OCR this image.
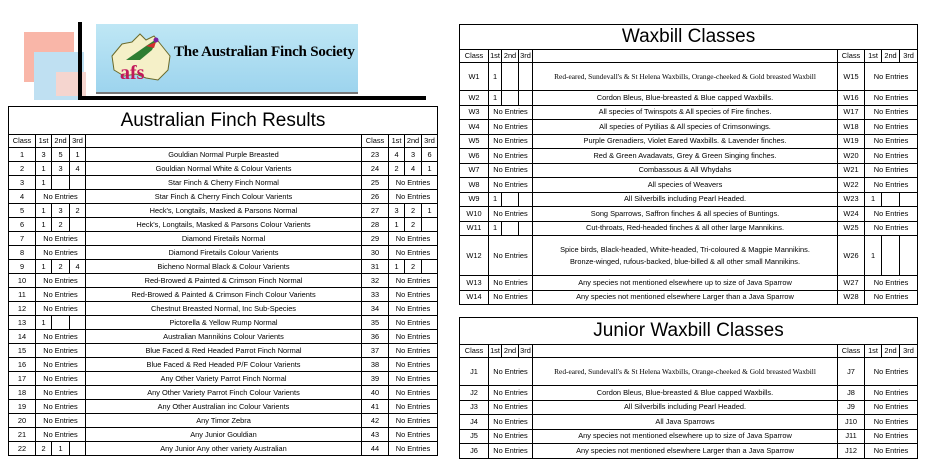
afs
The Australian Finch Society
Australian Finch Results								
Class	1st	2nd	3rd		Class	1st	2nd	3rd
1	3	5	1	Gouldian Normal Purple Breasted	23	4	3	6
2	1	3	4	Gouldian Normal White & Colour Varients	24	2	4	1
3	1			Star Finch & Cherry Finch Normal	25	No Entries		
4	No Entries			Star Finch & Cherry Finch Colour Varients	26	No Entries		
5	1	3	2	Heck's, Longtails, Masked & Parsons Normal	27	3	2	1
6	1	2		Heck's, Longtails, Masked & Parsons Colour Varients	28	1	2	
7	No Entries			Diamond Firetails Normal	29	No Entries		
8	No Entries			Diamond Firetails Colour Varients	30	No Entries		
9	1	2	4	Bicheno Normal Black & Colour Varients	31	1	2	
10	No Entries			Red-Browed & Painted & Crimson Finch Normal	32	No Entries		
11	No Entries			Red-Browed & Painted & Crimson Finch Colour Varients	33	No Entries		
12	No Entries			Chestnut Breasted Normal, Inc Sub-Species	34	No Entries		
13	1			Pictorella & Yellow Rump Normal	35	No Entries		
14	No Entries			Australian Mannikins Colour Varients	36	No Entries		
15	No Entries			Blue Faced & Red Headed Parrot Finch Normal	37	No Entries		
16	No Entries			Blue Faced & Red Headed P/F Colour Varients	38	No Entries		
17	No Entries			Any Other Variety Parrot Finch Normal	39	No Entries		
18	No Entries			Any Other Variety Parrot Finch Colour Varients	40	No Entries		
19	No Entries			Any Other Australian inc Colour Varients	41	No Entries		
20	No Entries			Any Timor Zebra	42	No Entries		
21	No Entries			Any Junior Gouldian	43	No Entries		
22	2	1		Any Junior Any other variety Australian	44	No Entries		
Waxbill Classes								
Class	1st	2nd	3rd		Class	1st	2nd	3rd
W1	1			Red-eared, Sundevall's & St Helena Waxbills, Orange-cheeked & Gold breasted Waxbill	W15	No Entries		
W2	1			Cordon Bleus, Blue-breasted & Blue capped Waxbills.	W16	No Entries		
W3	No Entries			All species of Twinspots & All species of Fire finches.	W17	No Entries		
W4	No Entries			All species of Pytilias & All species of Crimsonwings.	W18	No Entries		
W5	No Entries			Purple Grenadiers, Violet Eared Waxbills. & Lavender finches.	W19	No Entries		
W6	No Entries			Red & Green Avadavats, Grey & Green Singing finches.	W20	No Entries		
W7	No Entries			Combassous & All Whydahs	W21	No Entries		
W8	No Entries			All species of Weavers	W22	No Entries		
W9	1			All Silverbills including Pearl Headed.	W23	1		
W10	No Entries			Song Sparrows, Saffron finches & all species of Buntings.	W24	No Entries		
W11	1			Cut-throats, Red-headed finches & all other large Mannikins.	W25	No Entries		
W12	No Entries			Spice birds, Black-headed, White-headed, Tri-coloured & Magpie Mannikins. Bronze-winged, rufous-backed, blue-billed & all other small Mannikins.	W26	1		
W13	No Entries			Any species not mentioned elsewhere up to size of Java Sparrow	W27	No Entries		
W14	No Entries			Any species not mentioned elsewhere Larger than a Java Sparrow	W28	No Entries		
Junior Waxbill Classes								
Class	1st	2nd	3rd		Class	1st	2nd	3rd
J1	No Entries			Red-eared, Sundevall's & St Helena Waxbills, Orange-cheeked & Gold breasted Waxbill	J7	No Entries		
J2	No Entries			Cordon Bleus, Blue-breasted & Blue capped Waxbills.	J8	No Entries		
J3	No Entries			All Silverbills including Pearl Headed.	J9	No Entries		
J4	No Entries			All Java Sparrows	J10	No Entries		
J5	No Entries			Any species not mentioned elsewhere up to size of Java Sparrow	J11	No Entries		
J6	No Entries			Any species not mentioned elsewhere Larger than a Java Sparrow	J12	No Entries		
